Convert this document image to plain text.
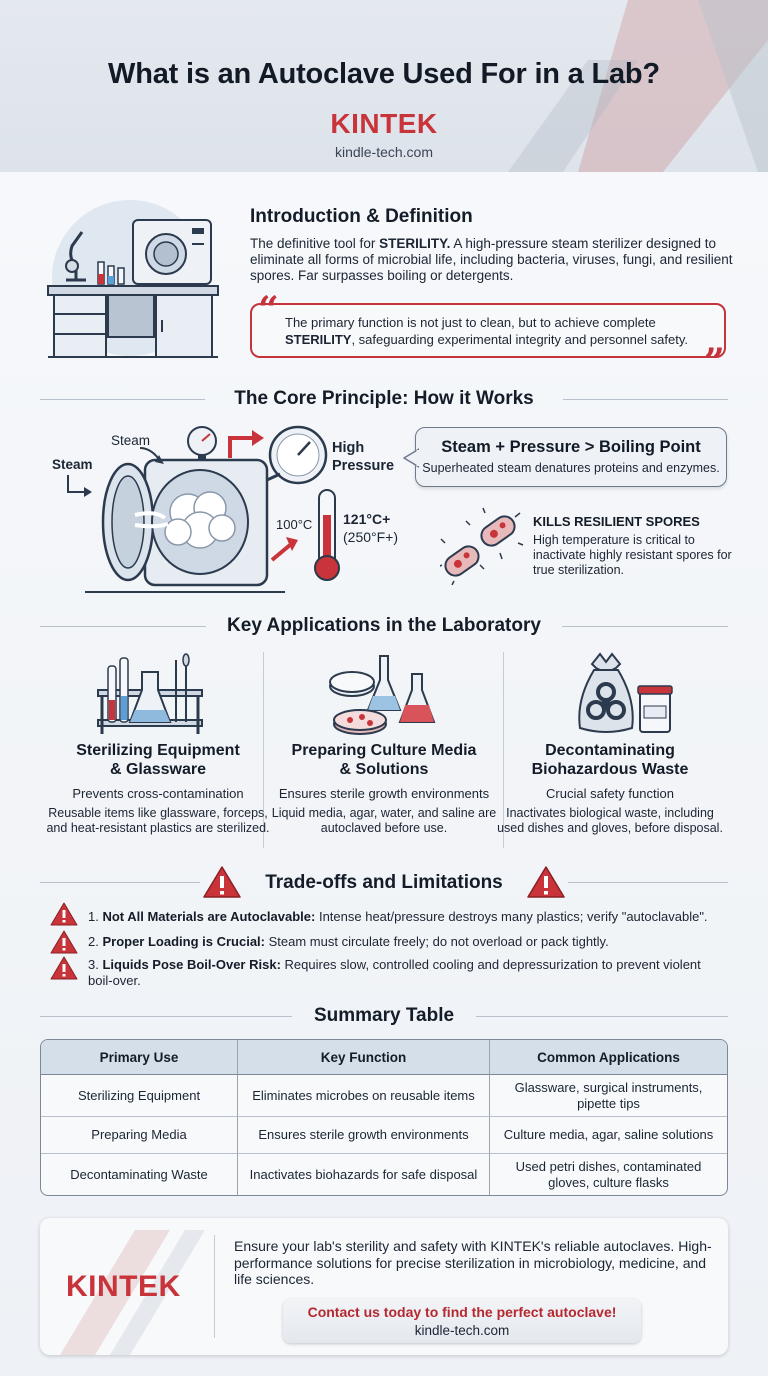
What is an Autoclave Used For in a Lab?
KINTEK
kindle-tech.com
Introduction & Definition
The definitive tool for STERILITY. A high-pressure steam sterilizer designed to eliminate all forms of microbial life, including bacteria, viruses, fungi, and resilient spores. Far surpasses boiling or detergents.
“
”
The primary function is not just to clean, but to achieve complete STERILITY, safeguarding experimental integrity and personnel safety.
The Core Principle: How it Works
Steam
Steam	High
Pressure
100°C 121°C+
(250°F+)
Steam + Pressure > Boiling Point
Superheated steam denatures proteins and enzymes.
KILLS RESILIENT SPORES
High temperature is critical to inactivate highly resistant spores for true sterilization.
Key Applications in the Laboratory
Sterilizing Equipment
& Glassware
Prevents cross-contamination
Reusable items like glassware, forceps, and heat-resistant plastics are sterilized.
Preparing Culture Media
& Solutions
Ensures sterile growth environments
Liquid media, agar, water, and saline are autoclaved before use.
Decontaminating
Biohazardous Waste
Crucial safety function
Inactivates biological waste, including used dishes and gloves, before disposal.
Trade-offs and Limitations
1. Not All Materials are Autoclavable: Intense heat/pressure destroys many plastics; verify "autoclavable".
2. Proper Loading is Crucial: Steam must circulate freely; do not overload or pack tightly.
3. Liquids Pose Boil-Over Risk: Requires slow, controlled cooling and depressurization to prevent violent boil-over.
Summary Table
Primary Use	Key Function	Common Applications
Sterilizing Equipment	Eliminates microbes on reusable items	Glassware, surgical instruments, pipette tips
Preparing Media	Ensures sterile growth environments	Culture media, agar, saline solutions
Decontaminating Waste	Inactivates biohazards for safe disposal	Used petri dishes, contaminated gloves, culture flasks
KINTEK
Ensure your lab's sterility and safety with KINTEK's reliable autoclaves. High-performance solutions for precise sterilization in microbiology, medicine, and life sciences.
Contact us today to find the perfect autoclave!
kindle-tech.com
